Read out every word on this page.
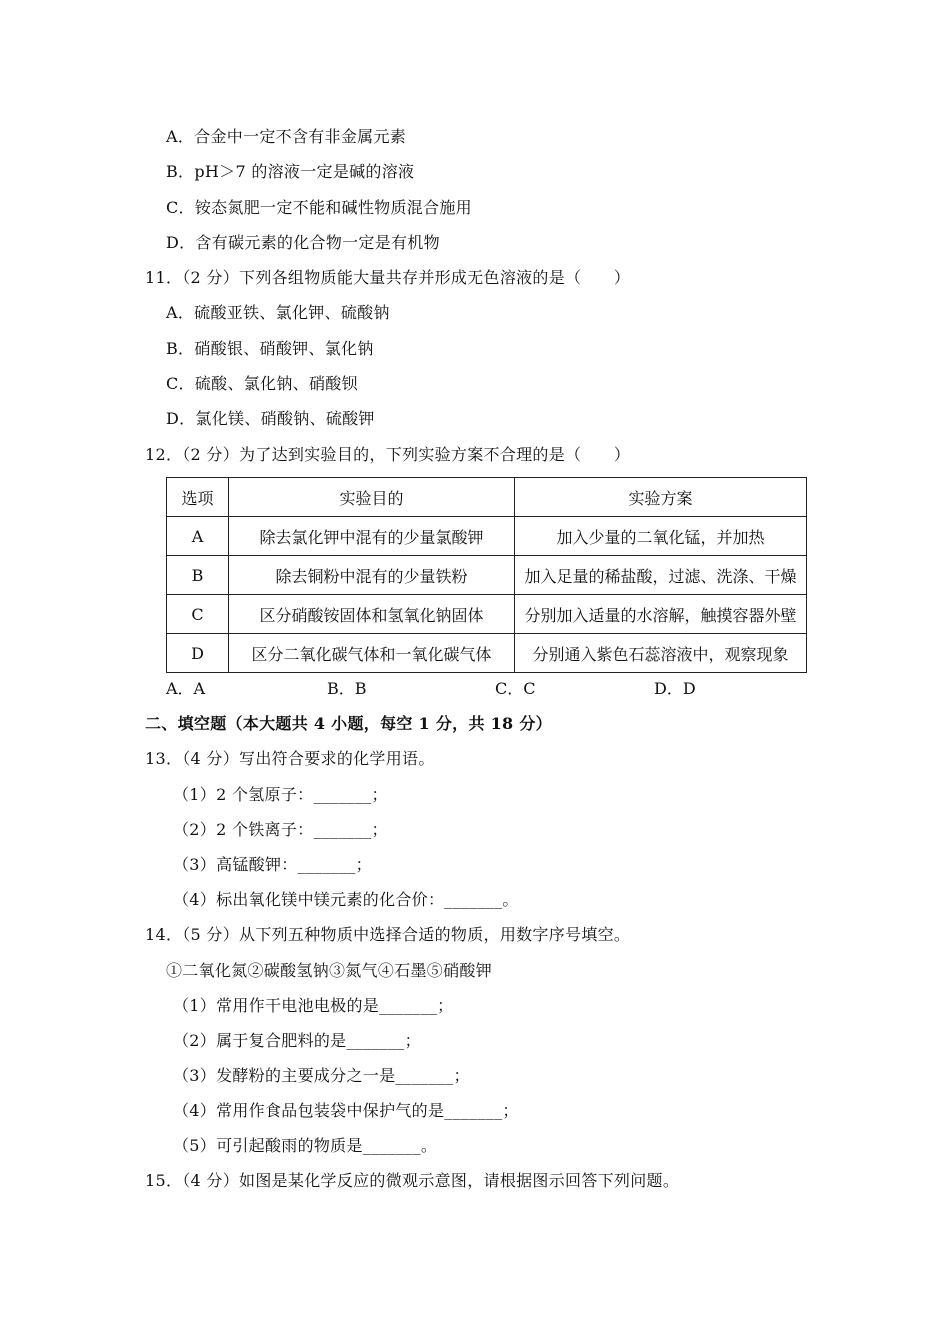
A．合金中一定不含有非金属元素
B．pH＞7 的溶液一定是碱的溶液
C．铵态氮肥一定不能和碱性物质混合施用
D．含有碳元素的化合物一定是有机物
11．（2 分）下列各组物质能大量共存并形成无色溶液的是（　　）
A．硫酸亚铁、氯化钾、硫酸钠
B．硝酸银、硝酸钾、氯化钠
C．硫酸、氯化钠、硝酸钡
D．氯化镁、硝酸钠、硫酸钾
12．（2 分）为了达到实验目的，下列实验方案不合理的是（　　）
选项	实验目的	实验方案
A	除去氯化钾中混有的少量氯酸钾	加入少量的二氧化锰，并加热
B	除去铜粉中混有的少量铁粉	加入足量的稀盐酸，过滤、洗涤、干燥
C	区分硝酸铵固体和氢氧化钠固体	分别加入适量的水溶解，触摸容器外壁
D	区分二氧化碳气体和一氧化碳气体	分别通入紫色石蕊溶液中，观察现象
A．A	B．B	C．C	D．D
二、填空题（本大题共 4 小题，每空 1 分，共 18 分）
13．（4 分）写出符合要求的化学用语。
（1）2 个氢原子：_______；
（2）2 个铁离子：_______；
（3）高锰酸钾：_______；
（4）标出氧化镁中镁元素的化合价：_______。
14．（5 分）从下列五种物质中选择合适的物质，用数字序号填空。
①二氧化氮②碳酸氢钠③氮气④石墨⑤硝酸钾
（1）常用作干电池电极的是_______；
（2）属于复合肥料的是_______；
（3）发酵粉的主要成分之一是_______；
（4）常用作食品包装袋中保护气的是_______；
（5）可引起酸雨的物质是_______。
15．（4 分）如图是某化学反应的微观示意图，请根据图示回答下列问题。
